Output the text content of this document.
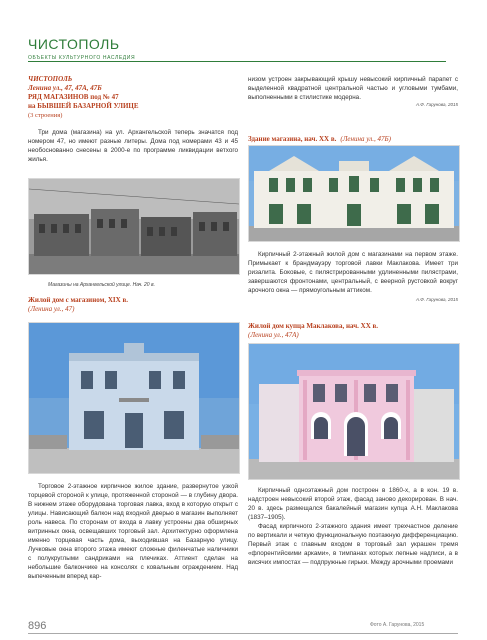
ЧИСТОПОЛЬ
ОБЪЕКТЫ КУЛЬТУРНОГО НАСЛЕДИЯ
ЧИСТОПОЛЬ
Ленина ул., 47, 47А, 47Б
РЯД МАГАЗИНОВ под № 47
на БЫВШЕЙ БАЗАРНОЙ УЛИЦЕ
(3 строения)

Три дома (магазина) на ул. Архангельской теперь значатся под номером 47, но имеют разные литеры. Дома под номерами 43 и 45 необоснованно снесены в 2000-е по программе ликвидации ветхого жилья.

Магазины на Архангельской улице. Нач. 20 в.
Жилой дом с магазином, XIX в.
(Ленина ул., 47)

Торговое 2-этажное кирпичное жилое здание, развернутое узкой торцевой стороной к улице, протяженной стороной — в глубину двора. В нижнем этаже оборудована торговая лавка, вход в которую открыт с улицы. Нависающий балкон над входной дверью в магазин выполняет роль навеса. По сторонам от входа в лавку устроены два обширных витринных окна, освещавших торговый зал. Архитектурно оформлена именно торцевая часть дома, выходившая на Базарную улицу. Лучковые окна второго этажа имеют сложные филенчатые наличники с полукруглыми сандриками на плечиках. Аттиент сделан на небольшие балкончике на консолях с ковальным ограждением. Над выпеченным вперед кар-

низом устроен закрывающий крышу невысокий кирпичный парапет с выделенной квадратной центральной частью и угловыми тумбами, выполненными в стилистике модерна.

А.Ф. Гарунова, 2015
Здание магазина, нач. XX в. (Ленина ул., 47Б)

Кирпичный 2-этажный жилой дом с магазинами на первом этаже. Примыкает к брандмауэру торговой лавки Маклакова. Имеет три ризалита. Боковые, с пилястрированными удлиненными пилястрами, завершаются фронтонами, центральный, с веерной рустовкой вокруг арочного окна — прямоугольным аттиком.

А.Ф. Гарунова, 2015
Жилой дом купца Маклакова, нач. XX в.
(Ленина ул., 47А)

Кирпичный одноэтажный дом построен в 1860-х, а в кон. 19 в. надстроен невысокий второй этаж, фасад заново декорирован. В нач. 20 в. здесь размещался бакалейный магазин купца А.Н. Маклакова (1837–1905).

Фасад кирпичного 2-этажного здания имеет трехчастное деление по вертикали и четкую функциональную поэтажную дифференциацию. Первый этаж с главным входом в торговый зал украшен тремя «флорентийскими арками», в тимпанах которых лепные надписи, а в висячих импостах — подпружные гирьки. Между арочными проемами

896	Фото А. Гарунова, 2015
